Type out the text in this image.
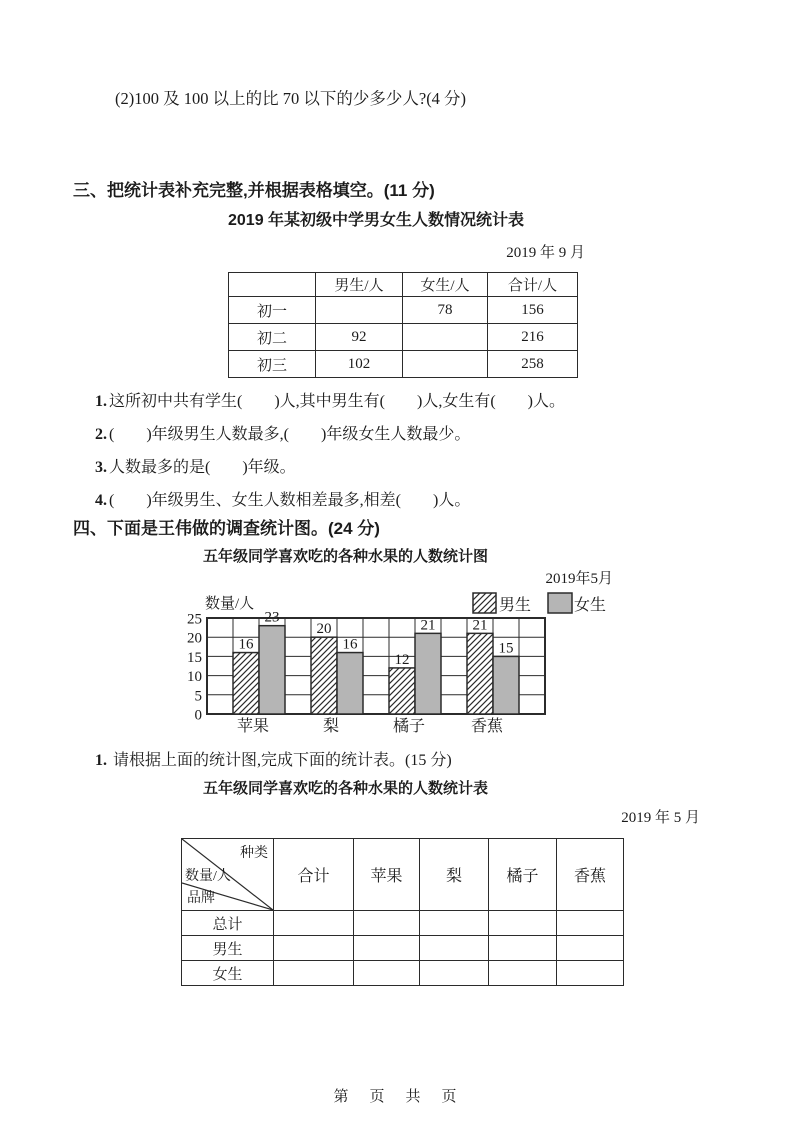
(2)100 及 100 以上的比 70 以下的少多少人?(4 分)
三、把统计表补充完整,并根据表格填空。(11 分)
2019 年某初级中学男女生人数情况统计表
2019 年 9 月
	男生/人	女生/人	合计/人
初一		78	156
初二	92		216
初三	102		258
1. 这所初中共有学生(　　)人,其中男生有(　　)人,女生有(　　)人。
2. (　　)年级男生人数最多,(　　)年级女生人数最少。
3. 人数最多的是(　　)年级。
4. (　　)年级男生、女生人数相差最多,相差(　　)人。
四、下面是王伟做的调查统计图。(24 分)
五年级同学喜欢吃的各种水果的人数统计图
25
20
15
10
5
0
数量/人
2019年5月
男生	女生
16
23
苹果
20
16
梨
12
21
橘子
21
15
香蕉
1. 请根据上面的统计图,完成下面的统计表。(15 分)
五年级同学喜欢吃的各种水果的人数统计表
2019 年 5 月
种类
数量/人
品牌	合计	苹果	梨	橘子	香蕉
总计					
男生					
女生					
第　页　共　页
